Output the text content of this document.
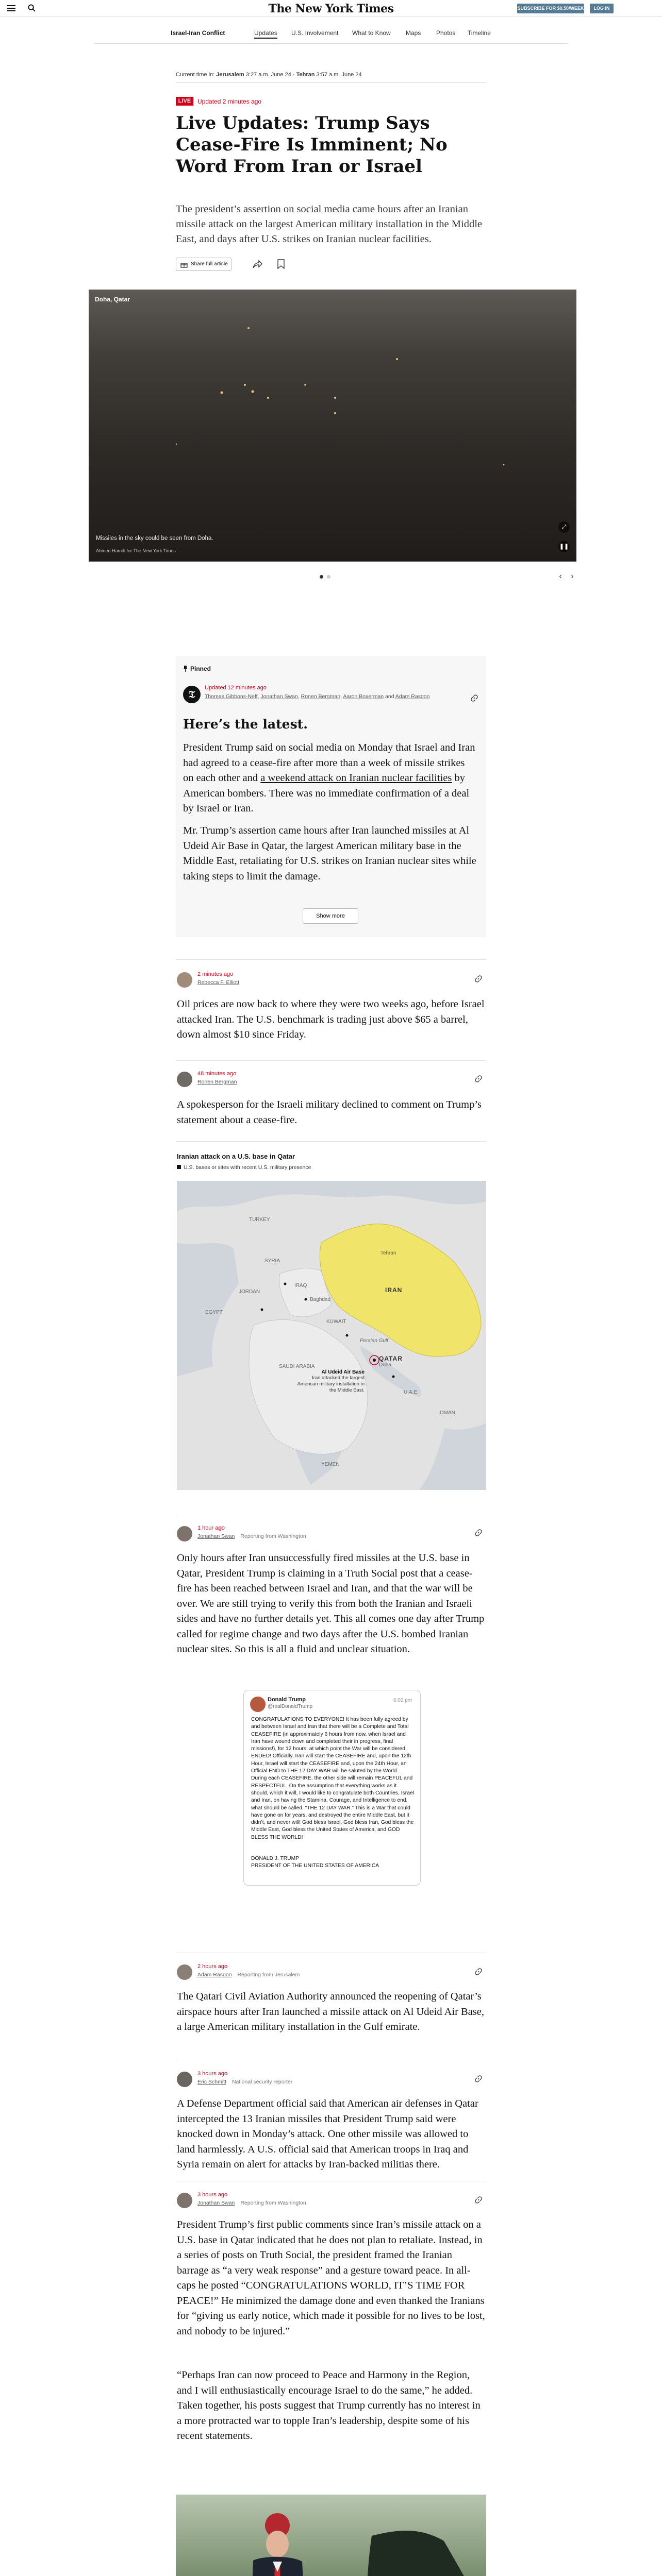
The New York Times	SUBSCRIBE FOR $0.50/WEEK	LOG IN
Israel-Iran Conflict	Updates U.S. Involvement What to Know Maps Photos Timeline
Current time in: Jerusalem 3:27 a.m. June 24 · Tehran 3:57 a.m. June 24
LIVE	Updated 2 minutes ago
Live Updates: Trump Says Cease-Fire Is Imminent; No Word From Iran or Israel

The president’s assertion on social media came hours after an Iranian missile attack on the largest American military installation in the Middle East, and days after U.S. strikes on Iranian nuclear facilities.

Share full article
Doha, Qatar
Missiles in the sky could be seen from Doha.
Ahmed Hamdi for The New York Times
❚❚
⤢
‹	›
Pinned
𝔗
Updated 12 minutes ago
Thomas Gibbons-Neff, Jonathan Swan, Ronen Bergman, Aaron Boxerman and Adam Rasgon
Here’s the latest.

President Trump said on social media on Monday that Israel and Iran had agreed to a cease-fire after more than a week of missile strikes on each other and a weekend attack on Iranian nuclear facilities by American bombers. There was no immediate confirmation of a deal by Israel or Iran.

Mr. Trump’s assertion came hours after Iran launched missiles at Al Udeid Air Base in Qatar, the largest American military base in the Middle East, retaliating for U.S. strikes on Iranian nuclear sites while taking steps to limit the damage.

Show more
2 minutes ago
Rebecca F. Elliott

Oil prices are now back to where they were two weeks ago, before Israel attacked Iran. The U.S. benchmark is trading just above $65 a barrel, down almost $10 since Friday.

48 minutes ago
Ronen Bergman

A spokesperson for the Israeli military declined to comment on Trump’s statement about a cease-fire.

Iranian attack on a U.S. base in Qatar
U.S. bases or sites with recent U.S. military presence
IRAN
QATAR
IRAQ
SAUDI ARABIA
EGYPT
TURKEY
SYRIA
JORDAN
KUWAIT
U.A.E.
OMAN
YEMEN
Persian Gulf
Baghdad
Tehran
Doha
Al Udeid Air Base
Iran attacked the largest American military installation in the Middle East.
1 hour ago
Jonathan Swan Reporting from Washington

Only hours after Iran unsuccessfully fired missiles at the U.S. base in Qatar, President Trump is claiming in a Truth Social post that a cease-fire has been reached between Israel and Iran, and that the war will be over. We are still trying to verify this from both the Iranian and Israeli sides and have no further details yet. This all comes one day after Trump called for regime change and two days after the U.S. bombed Iranian nuclear sites. So this is all a fluid and unclear situation.

Donald Trump
@realDonaldTrump
6:02 pm
CONGRATULATIONS TO EVERYONE! It has been fully agreed by and between Israel and Iran that there will be a Complete and Total CEASEFIRE (in approximately 6 hours from now, when Israel and Iran have wound down and completed their in progress, final missions!), for 12 hours, at which point the War will be considered, ENDED! Officially, Iran will start the CEASEFIRE and, upon the 12th Hour, Israel will start the CEASEFIRE and, upon the 24th Hour, an Official END to THE 12 DAY WAR will be saluted by the World. During each CEASEFIRE, the other side will remain PEACEFUL and RESPECTFUL. On the assumption that everything works as it should, which it will, I would like to congratulate both Countries, Israel and Iran, on having the Stamina, Courage, and Intelligence to end, what should be called, “THE 12 DAY WAR.” This is a War that could have gone on for years, and destroyed the entire Middle East, but it didn’t, and never will! God bless Israel, God bless Iran, God bless the Middle East, God bless the United States of America, and GOD BLESS THE WORLD!
DONALD J. TRUMP
PRESIDENT OF THE UNITED STATES OF AMERICA
2 hours ago
Adam Rasgon Reporting from Jerusalem

The Qatari Civil Aviation Authority announced the reopening of Qatar’s airspace hours after Iran launched a missile attack on Al Udeid Air Base, a large American military installation in the Gulf emirate.

3 hours ago
Eric Schmitt National security reporter

A Defense Department official said that American air defenses in Qatar intercepted the 13 Iranian missiles that President Trump said were knocked down in Monday’s attack. One other missile was allowed to land harmlessly. A U.S. official said that American troops in Iraq and Syria remain on alert for attacks by Iran-backed militias there.

3 hours ago
Jonathan Swan Reporting from Washington

President Trump’s first public comments since Iran’s missile attack on a U.S. base in Qatar indicated that he does not plan to retaliate. Instead, in a series of posts on Truth Social, the president framed the Iranian barrage as “a very weak response” and a gesture toward peace. In all-caps he posted “CONGRATULATIONS WORLD, IT’S TIME FOR PEACE!” He minimized the damage done and even thanked the Iranians for “giving us early notice, which made it possible for no lives to be lost, and nobody to be injured.”

“Perhaps Iran can now proceed to Peace and Harmony in the Region, and I will enthusiastically encourage Israel to do the same,” he added. Taken together, his posts suggest that Trump currently has no interest in a more protracted war to topple Iran’s leadership, despite some of his recent statements.
